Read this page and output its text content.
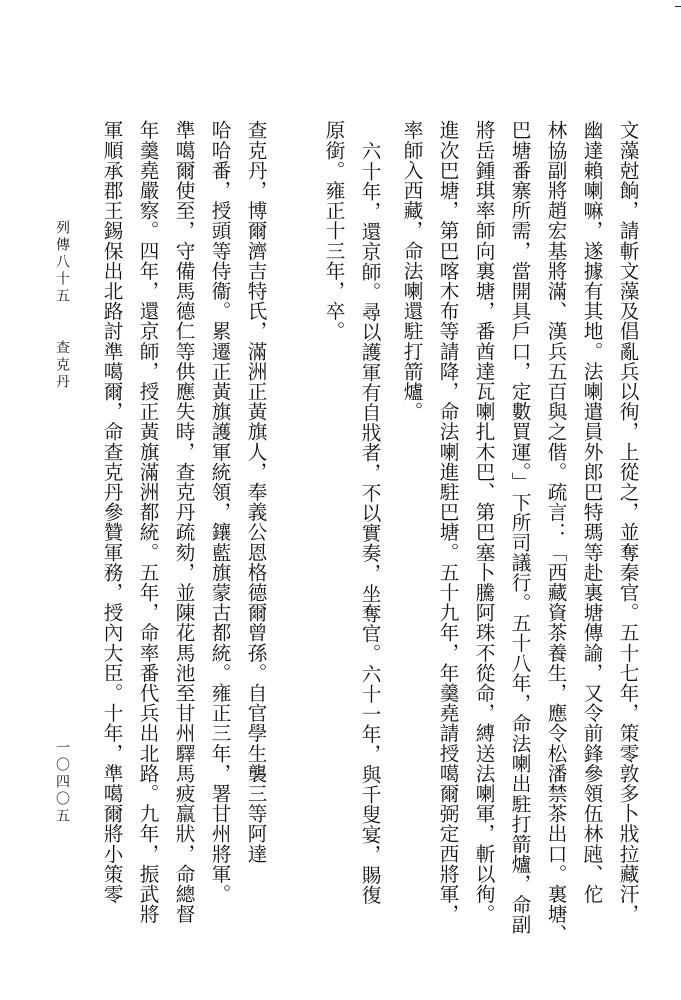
文藻尅餉，請斬文藻及倡亂兵以徇，上從之，並奪秦官。五十七年，策零敦多卜戕拉藏汗，
幽達賴喇嘛，遂據有其地。法喇遣員外郎巴特瑪等赴裏塘傳諭，又令前鋒參領伍林瓲、佗
林協副將趙宏基將滿、漢兵五百與之偕。疏言：「西藏資茶養生，應令松潘禁茶出口。裏塘、
巴塘番寨所需，當開具戶口，定數買運。」下所司議行。五十八年，命法喇出駐打箭爐，命副
將岳鍾琪率師向裏塘，番酋達瓦喇扎木巴、第巴塞卜騰阿珠不從命，縛送法喇軍，斬以徇。
進次巴塘，第巴喀木布等請降，命法喇進駐巴塘。五十九年，年羹堯請授噶爾弼定西將軍，
率師入西藏，命法喇還駐打箭爐。
六十年，還京師。尋以護軍有自戕者，不以實奏，坐奪官。六十一年，與千叟宴，賜復
原銜。雍正十三年，卒。
查克丹，博爾濟吉特氏，滿洲正黃旗人，奉義公恩格德爾曾孫。自官學生襲三等阿達
哈哈番，授頭等侍衞。累遷正黃旗護軍統領，鑲藍旗蒙古都統。雍正三年，署甘州將軍。
準噶爾使至，守備馬德仁等供應失時，查克丹疏劾，並陳花馬池至甘州驛馬疲羸狀，命總督
年羹堯嚴察。四年，還京師，授正黃旗滿洲都統。五年，命率番代兵出北路。九年，振武將
軍順承郡王錫保出北路討準噶爾，命查克丹參贊軍務，授內大臣。十年，準噶爾將小策零
列傳八十五
查克丹
一〇四〇五
